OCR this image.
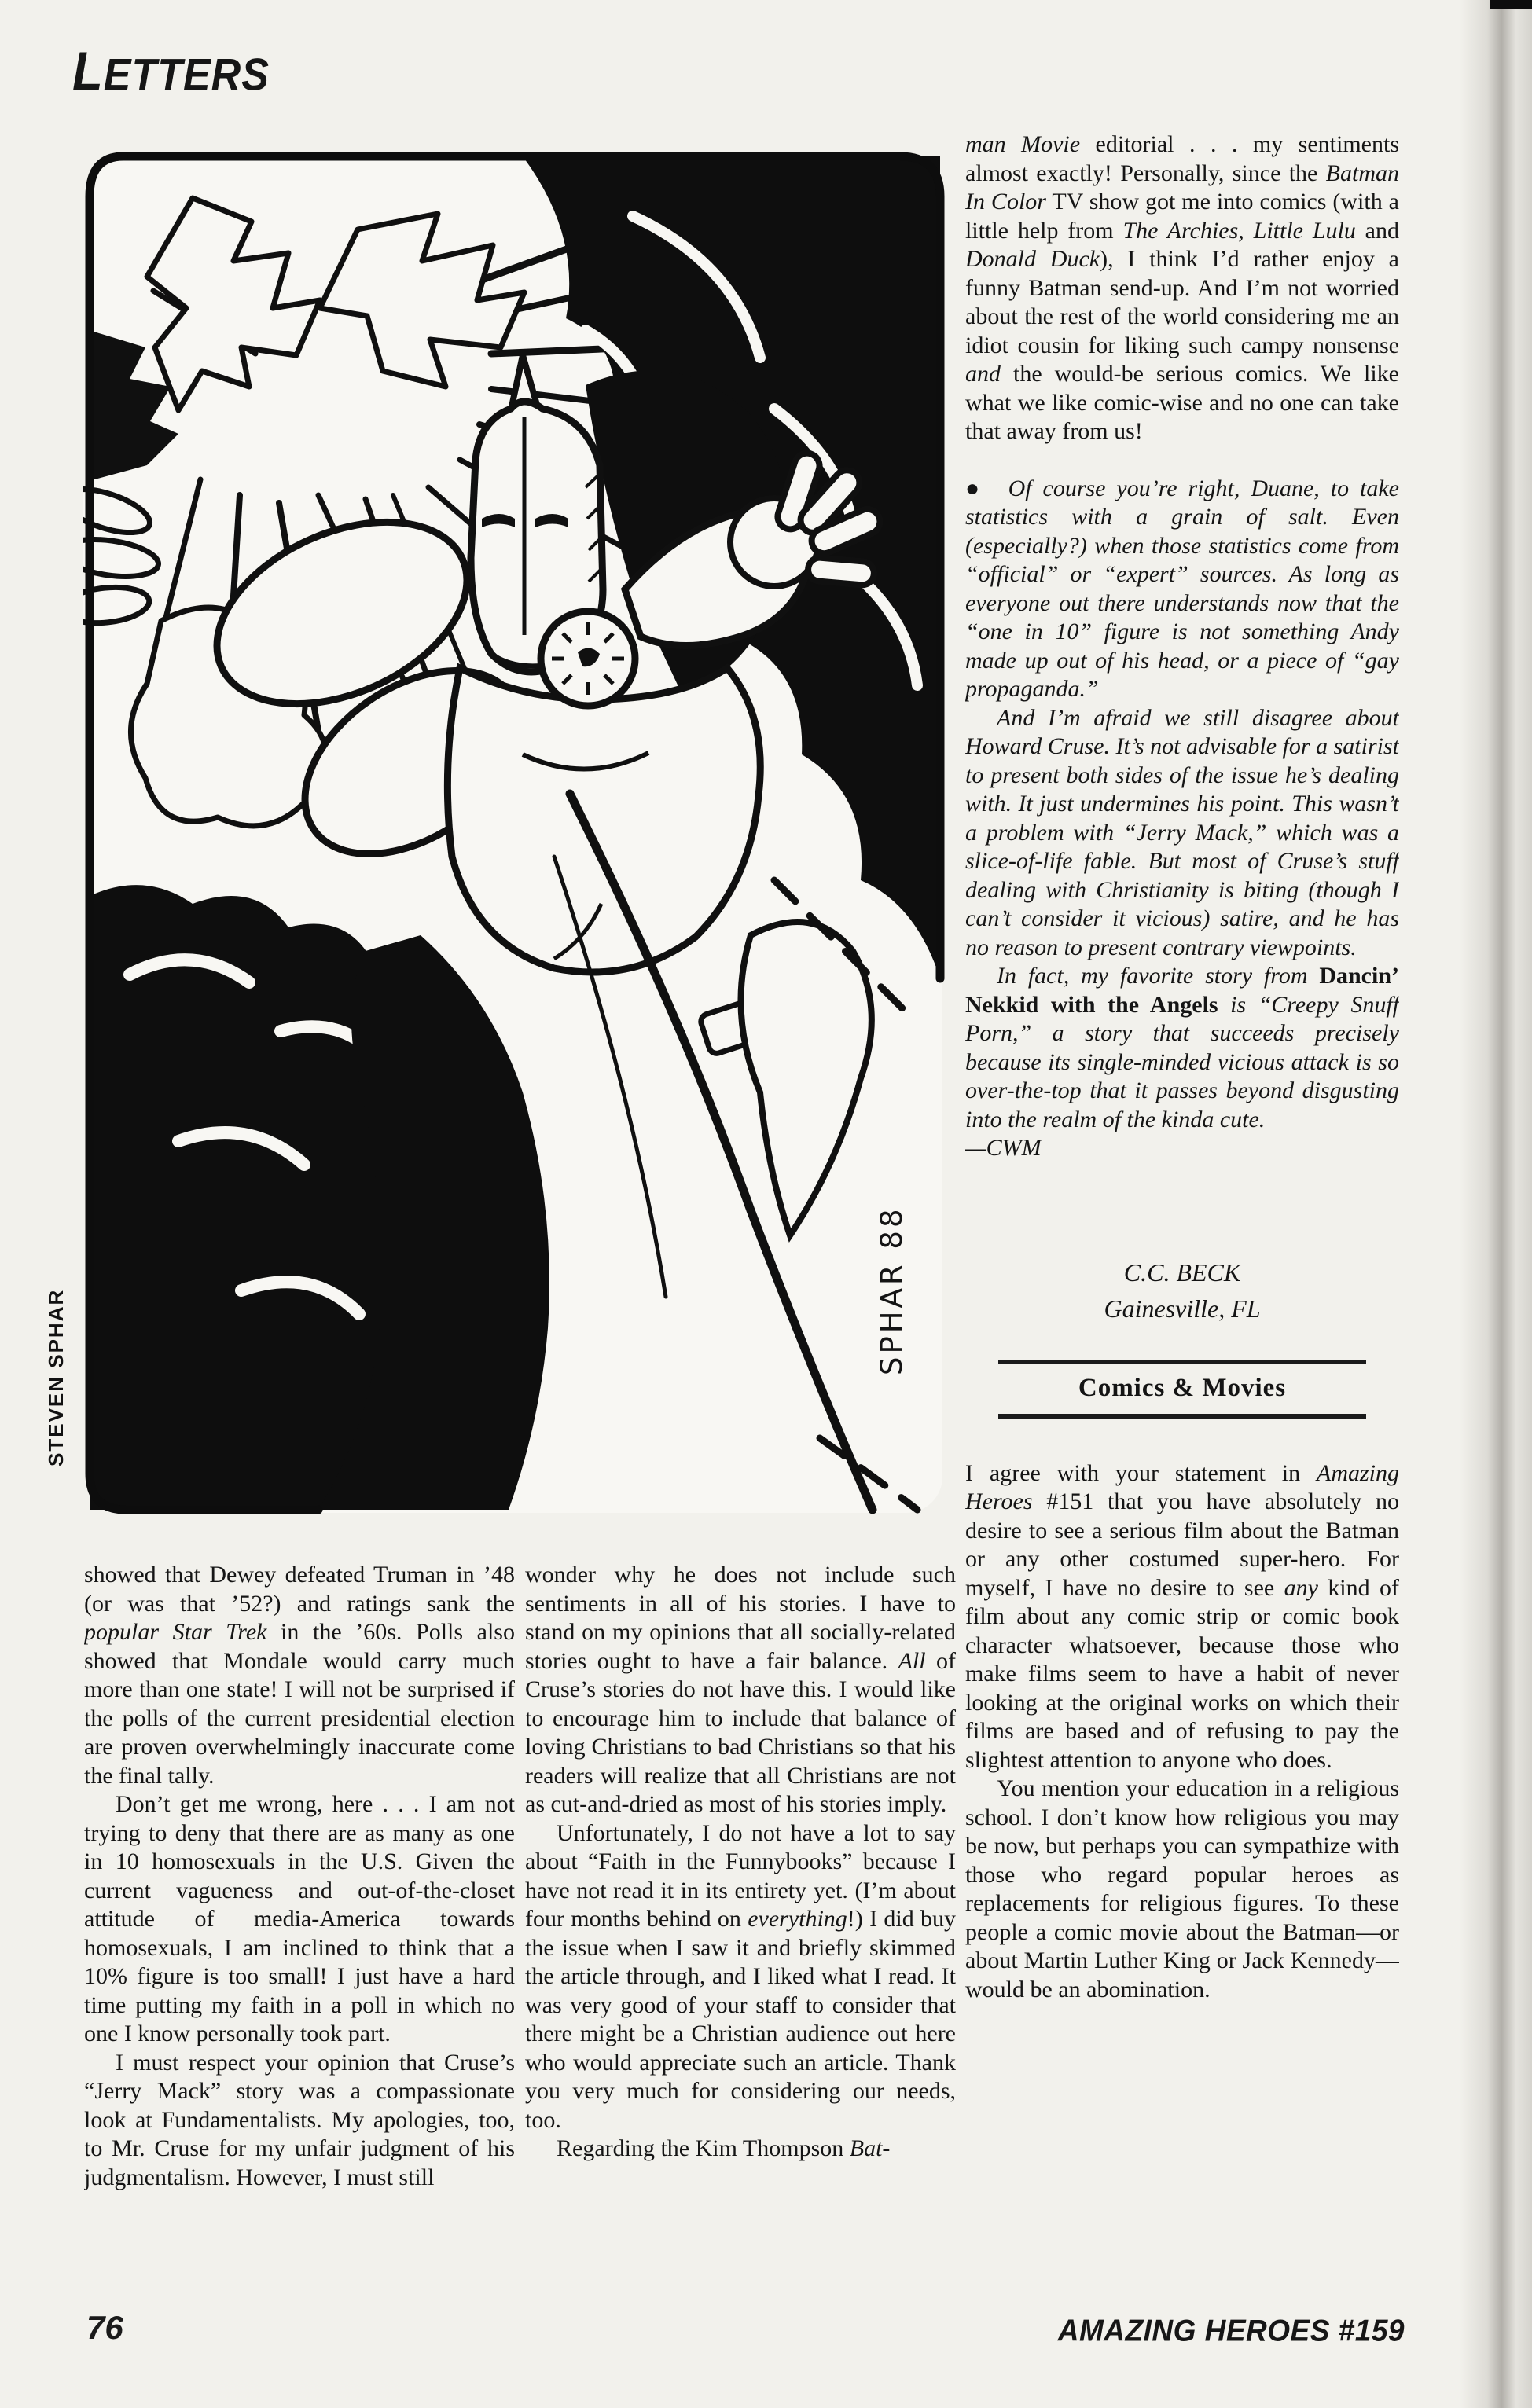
LETTERS
SPHAR 88
STEVEN SPHAR

showed that Dewey defeated Truman in ’48 (or was that ’52?) and ratings sank the popular Star Trek in the ’60s. Polls also showed that Mondale would carry much more than one state! I will not be surprised if the polls of the current presidential election are proven overwhelmingly inaccurate come the final tally.

Don’t get me wrong, here . . . I am not trying to deny that there are as many as one in 10 homosexuals in the U.S. Given the current vagueness and out-of-the-closet attitude of media-America towards homosexuals, I am inclined to think that a 10% figure is too small! I just have a hard time putting my faith in a poll in which no one I know personally took part.

I must respect your opinion that Cruse’s “Jerry Mack” story was a compassionate look at Fundamentalists. My apologies, too, to Mr. Cruse for my unfair judgment of his judgmentalism. However, I must still

wonder why he does not include such sentiments in all of his stories. I have to stand on my opinions that all socially-related stories ought to have a fair balance. All of Cruse’s stories do not have this. I would like to encourage him to include that balance of loving Christians to bad Christians so that his readers will realize that all Christians are not as cut-and-dried as most of his stories imply.

Unfortunately, I do not have a lot to say about “Faith in the Funnybooks” because I have not read it in its entirety yet. (I’m about four months behind on everything!) I did buy the issue when I saw it and briefly skimmed the article through, and I liked what I read. It was very good of your staff to consider that there might be a Christian audience out here who would appreciate such an article. Thank you very much for considering our needs, too.

Regarding the Kim Thompson Bat-

man Movie editorial . . . my sentiments almost exactly! Personally, since the Batman In Color TV show got me into comics (with a little help from The Archies, Little Lulu and Donald Duck), I think I’d rather enjoy a funny Batman send-up. And I’m not worried about the rest of the world considering me an idiot cousin for liking such campy nonsense and the would-be serious comics. We like what we like comic-wise and no one can take that away from us!

● Of course you’re right, Duane, to take statistics with a grain of salt. Even (especially?) when those statistics come from “official” or “expert” sources. As long as everyone out there understands now that the “one in 10” figure is not something Andy made up out of his head, or a piece of “gay propaganda.”

And I’m afraid we still disagree about Howard Cruse. It’s not advisable for a satirist to present both sides of the issue he’s dealing with. It just undermines his point. This wasn’t a problem with “Jerry Mack,” which was a slice-of-life fable. But most of Cruse’s stuff dealing with Christianity is biting (though I can’t consider it vicious) satire, and he has no reason to present contrary viewpoints.

In fact, my favorite story from Dancin’ Nekkid with the Angels is “Creepy Snuff Porn,” a story that succeeds precisely because its single-minded vicious attack is so over-the-top that it passes beyond disgusting into the realm of the kinda cute.

—CWM

C.C. BECK
Gainesville, FL
Comics & Movies

I agree with your statement in Amazing Heroes #151 that you have absolutely no desire to see a serious film about the Batman or any other costumed super-hero. For myself, I have no desire to see any kind of film about any comic strip or comic book character whatsoever, because those who make films seem to have a habit of never looking at the original works on which their films are based and of refusing to pay the slightest attention to anyone who does.

You mention your education in a religious school. I don’t know how religious you may be now, but perhaps you can sympathize with those who regard popular heroes as replacements for religious figures. To these people a comic movie about the Batman—or about Martin Luther King or Jack Kennedy—would be an abomination.

76	AMAZING HEROES #159
